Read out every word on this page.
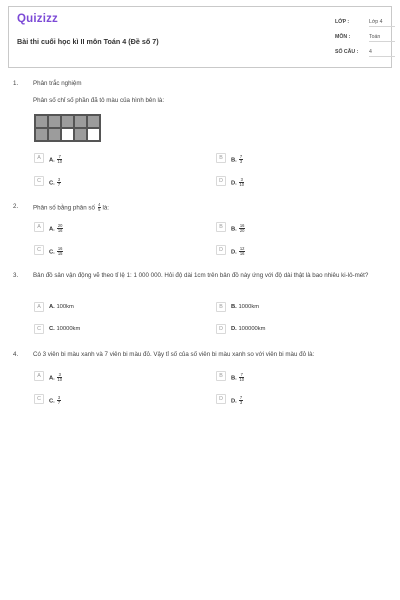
Quizizz
Bài thi cuối học kì II môn Toán 4 (Đề số 7)
LỚP :	Lớp 4
MÔN :	Toán
SỐ CÂU : 4
1. Phân trắc nghiệm
Phân số chỉ số phần đã tô màu của hình bên là:
A	A. $\frac{7}{10}$	B	B. $\frac{7}{3}$
C	C. $\frac{3}{7}$	D	D. $\frac{3}{10}$
2. Phân số bằng phân số $\frac{4}{5}$ là:
A	A. $\frac{20}{16}$	B	B. $\frac{16}{20}$
C	C. $\frac{16}{15}$	D	D. $\frac{12}{16}$
3. Bản đồ sân vận động vẽ theo tỉ lệ 1: 1 000 000. Hỏi độ dài 1cm trên bản đồ này ứng với độ dài thật là bao nhiêu ki-lô-mét?
A	A. 100km	B	B. 1000km
C	C. 10000km	D	D. 100000km
4. Có 3 viên bi màu xanh và 7 viên bi màu đỏ. Vậy tỉ số của số viên bi màu xanh so với viên bi màu đỏ là:
A	A. $\frac{3}{10}$	B	B. $\frac{7}{10}$
C	C. $\frac{3}{7}$	D	D. $\frac{7}{3}$
